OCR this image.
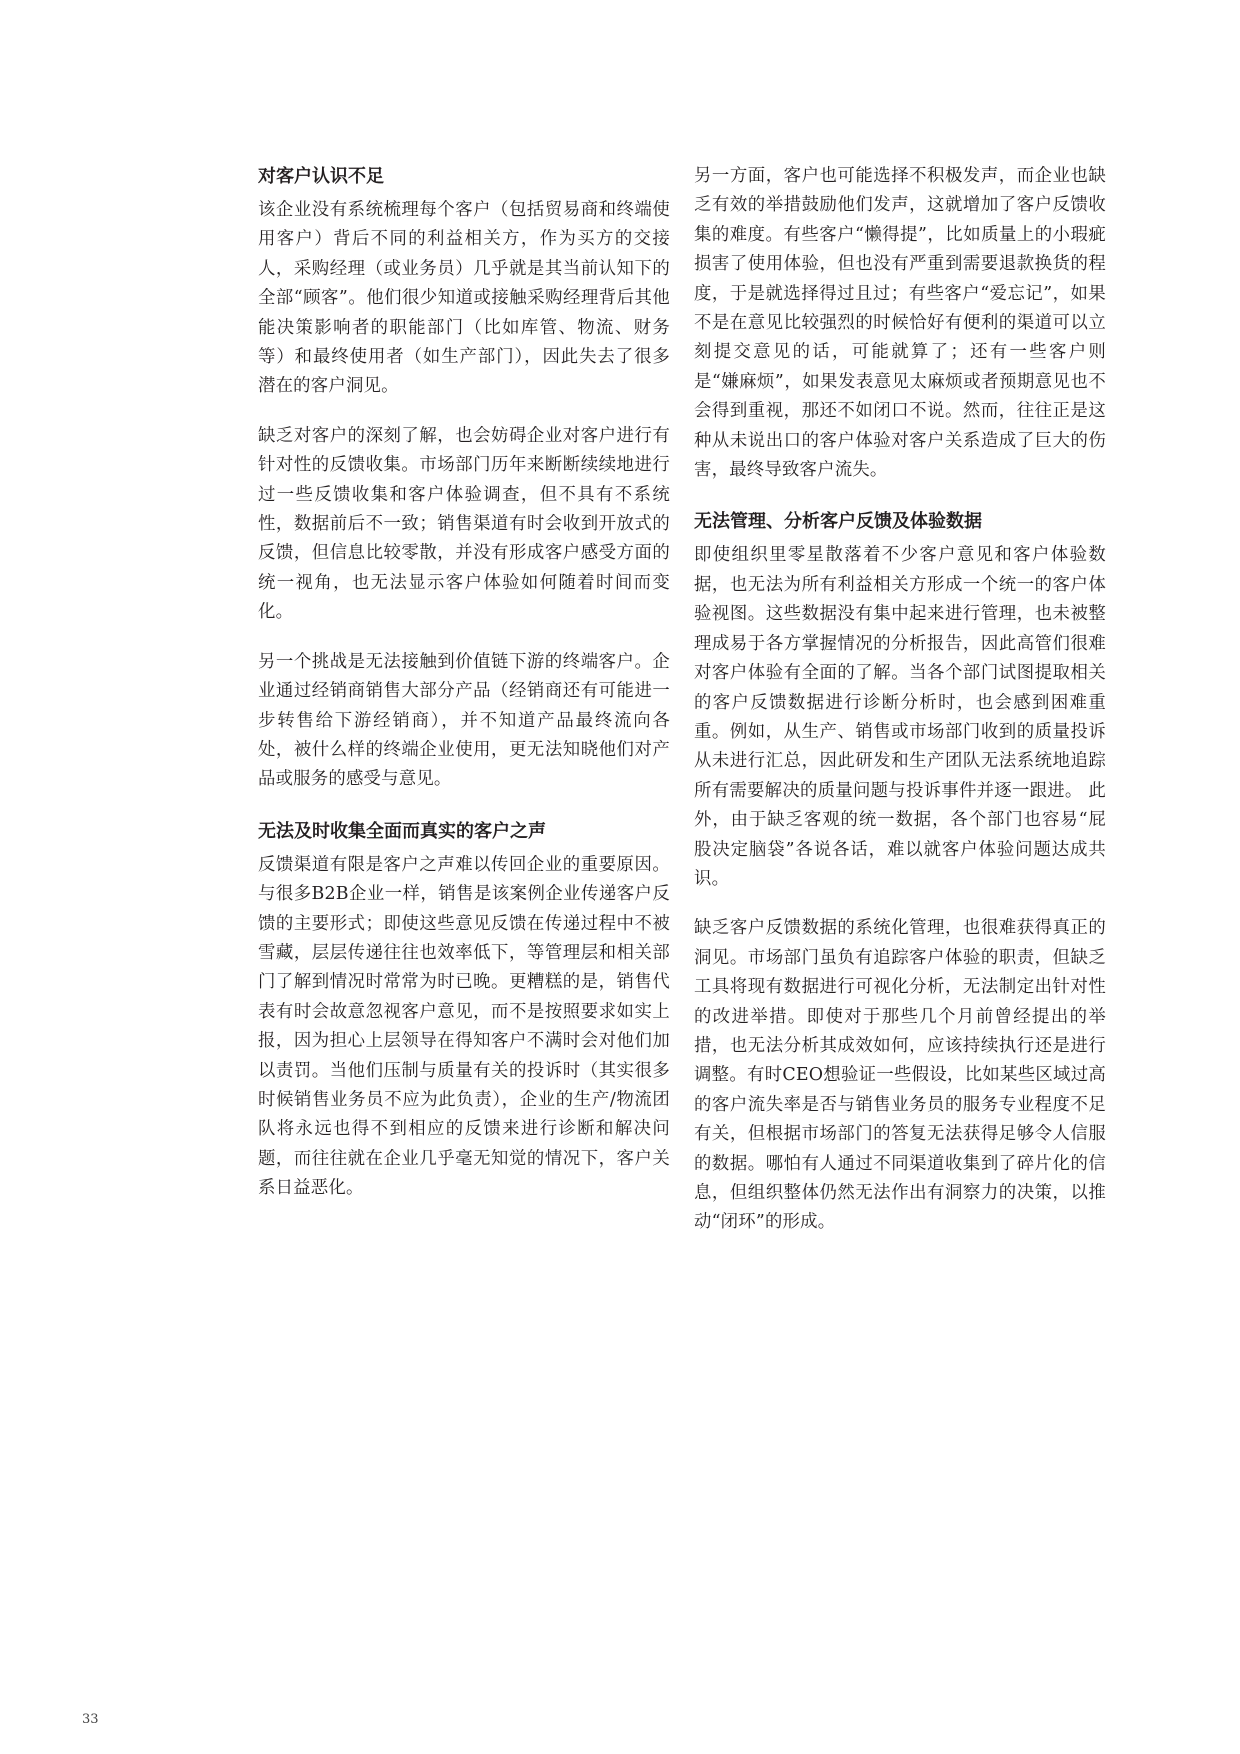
对客户认识不足

该企业没有系统梳理每个客户（包括贸易商和终端使用客户）背后不同的利益相关方，作为买方的交接人，采购经理（或业务员）几乎就是其当前认知下的全部“顾客”。他们很少知道或接触采购经理背后其他能决策影响者的职能部门（比如库管、物流、财务等）和最终使用者（如生产部门），因此失去了很多潜在的客户洞见。

缺乏对客户的深刻了解，也会妨碍企业对客户进行有针对性的反馈收集。市场部门历年来断断续续地进行过一些反馈收集和客户体验调查，但不具有不系统性，数据前后不一致；销售渠道有时会收到开放式的反馈，但信息比较零散，并没有形成客户感受方面的统一视角，也无法显示客户体验如何随着时间而变化。

另一个挑战是无法接触到价值链下游的终端客户。企业通过经销商销售大部分产品（经销商还有可能进一步转售给下游经销商），并不知道产品最终流向各处，被什么样的终端企业使用，更无法知晓他们对产品或服务的感受与意见。

无法及时收集全面而真实的客户之声

反馈渠道有限是客户之声难以传回企业的重要原因。与很多B2B企业一样，销售是该案例企业传递客户反馈的主要形式；即使这些意见反馈在传递过程中不被雪藏，层层传递往往也效率低下，等管理层和相关部门了解到情况时常常为时已晚。更糟糕的是，销售代表有时会故意忽视客户意见，而不是按照要求如实上报，因为担心上层领导在得知客户不满时会对他们加以责罚。当他们压制与质量有关的投诉时（其实很多时候销售业务员不应为此负责），企业的生产/物流团队将永远也得不到相应的反馈来进行诊断和解决问题，而往往就在企业几乎毫无知觉的情况下，客户关系日益恶化。

另一方面，客户也可能选择不积极发声，而企业也缺乏有效的举措鼓励他们发声，这就增加了客户反馈收集的难度。有些客户“懒得提”，比如质量上的小瑕疵损害了使用体验，但也没有严重到需要退款换货的程度，于是就选择得过且过；有些客户“爱忘记”，如果不是在意见比较强烈的时候恰好有便利的渠道可以立刻提交意见的话，可能就算了；还有一些客户则是“嫌麻烦”，如果发表意见太麻烦或者预期意见也不会得到重视，那还不如闭口不说。然而，往往正是这种从未说出口的客户体验对客户关系造成了巨大的伤害，最终导致客户流失。

无法管理、分析客户反馈及体验数据

即使组织里零星散落着不少客户意见和客户体验数据，也无法为所有利益相关方形成一个统一的客户体验视图。这些数据没有集中起来进行管理，也未被整理成易于各方掌握情况的分析报告，因此高管们很难对客户体验有全面的了解。当各个部门试图提取相关的客户反馈数据进行诊断分析时，也会感到困难重重。例如，从生产、销售或市场部门收到的质量投诉从未进行汇总，因此研发和生产团队无法系统地追踪所有需要解决的质量问题与投诉事件并逐一跟进。 此外，由于缺乏客观的统一数据，各个部门也容易“屁股决定脑袋”各说各话，难以就客户体验问题达成共识。

缺乏客户反馈数据的系统化管理，也很难获得真正的洞见。市场部门虽负有追踪客户体验的职责，但缺乏工具将现有数据进行可视化分析，无法制定出针对性的改进举措。即使对于那些几个月前曾经提出的举措，也无法分析其成效如何，应该持续执行还是进行调整。有时CEO想验证一些假设，比如某些区域过高的客户流失率是否与销售业务员的服务专业程度不足有关，但根据市场部门的答复无法获得足够令人信服的数据。哪怕有人通过不同渠道收集到了碎片化的信息，但组织整体仍然无法作出有洞察力的决策，以推动“闭环”的形成。

33
